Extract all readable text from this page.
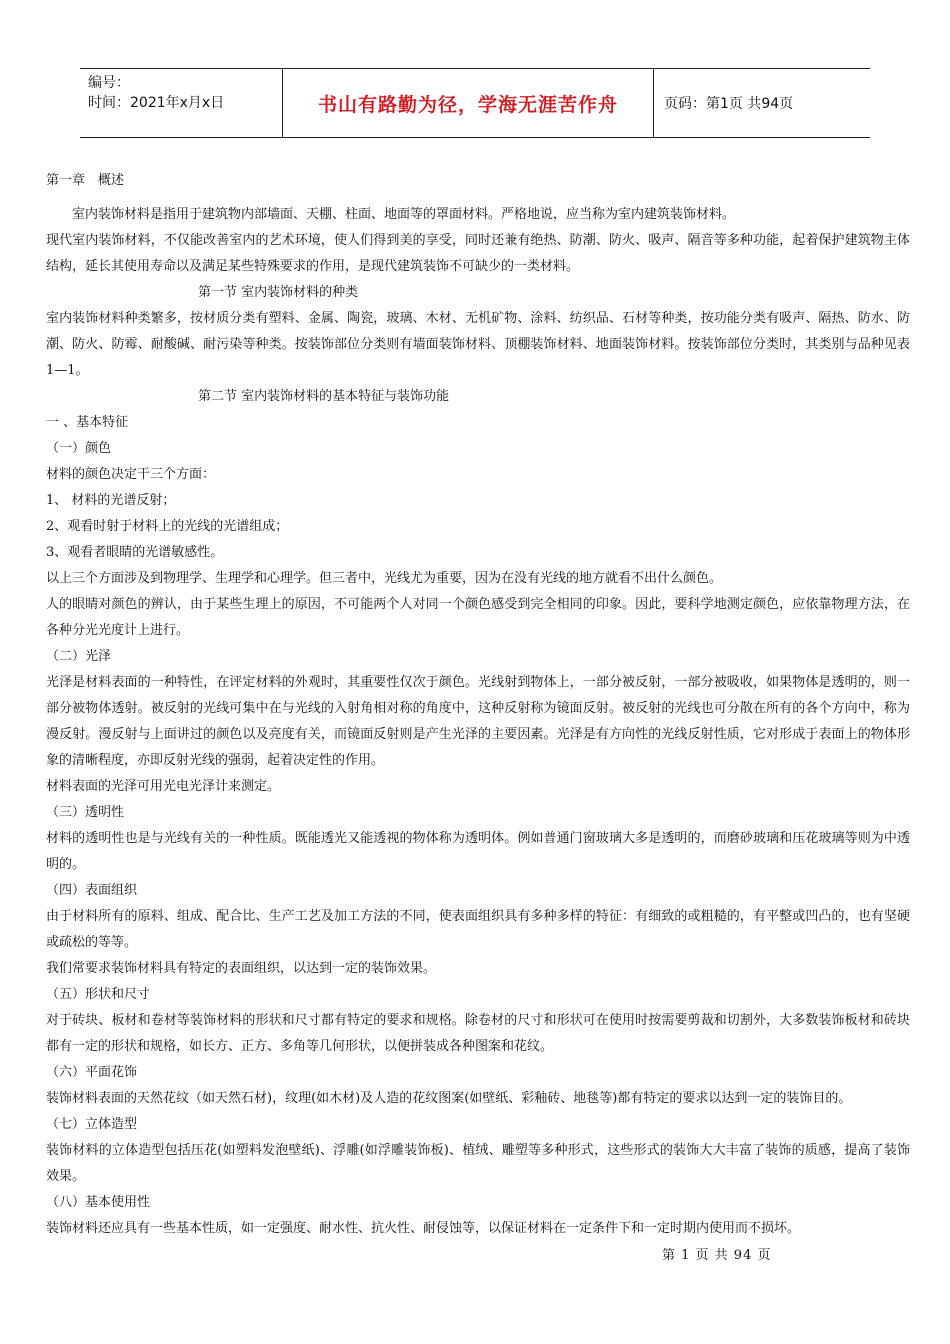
编号：
时间：2021年x月x日	书山有路勤为径，学海无涯苦作舟	页码：第1页 共94页

第一章　概述

室内装饰材料是指用于建筑物内部墙面、天棚、柱面、地面等的罩面材料。严格地说，应当称为室内建筑装饰材料。

现代室内装饰材料，不仅能改善室内的艺术环境，使人们得到美的享受，同时还兼有绝热、防潮、防火、吸声、隔音等多种功能，起着保护建筑物主体结构，延长其使用寿命以及满足某些特殊要求的作用，是现代建筑装饰不可缺少的一类材料。

第一节 室内装饰材料的种类

室内装饰材料种类繁多，按材质分类有塑料、金属、陶瓷，玻璃、木材、无机矿物、涂料、纺织品、石材等种类，按功能分类有吸声、隔热、防水、防潮、防火、防霉、耐酸碱、耐污染等种类。按装饰部位分类则有墙面装饰材料、顶棚装饰材料、地面装饰材料。按装饰部位分类时，其类别与品种见表1—1。

第二节 室内装饰材料的基本特征与装饰功能

一 、基本特征

（一）颜色

材料的颜色决定干三个方面：

1、 材料的光谱反射；

2、观看时射于材料上的光线的光谱组成；

3、观看者眼睛的光谱敏感性。

以上三个方面涉及到物理学、生理学和心理学。但三者中，光线尤为重要，因为在没有光线的地方就看不出什么颜色。

人的眼睛对颜色的辨认，由于某些生理上的原因，不可能两个人对同一个颜色感受到完全相同的印象。因此，要科学地测定颜色，应依靠物理方法，在各种分光光度计上进行。

（二）光泽

光泽是材料表面的一种特性，在评定材料的外观时，其重要性仅次于颜色。光线射到物体上，一部分被反射，一部分被吸收，如果物体是透明的，则一部分被物体透射。被反射的光线可集中在与光线的入射角相对称的角度中，这种反射称为镜面反射。被反射的光线也可分散在所有的各个方向中，称为漫反射。漫反射与上面讲过的颜色以及亮度有关，而镜面反射则是产生光泽的主要因素。光泽是有方向性的光线反射性质，它对形成于表面上的物体形象的清晰程度，亦即反射光线的强弱，起着决定性的作用。

材料表面的光泽可用光电光泽计来测定。

（三）透明性

材料的透明性也是与光线有关的一种性质。既能透光又能透视的物体称为透明体。例如普通门窗玻璃大多是透明的，而磨砂玻璃和压花玻璃等则为中透明的。

（四）表面组织

由于材料所有的原料、组成、配合比、生产工艺及加工方法的不同，使表面组织具有多种多样的特征：有细致的或粗糙的，有平整或凹凸的，也有坚硬或疏松的等等。

我们常要求装饰材料具有特定的表面组织，以达到一定的装饰效果。

（五）形状和尺寸

对于砖块、板材和卷材等装饰材料的形状和尺寸都有特定的要求和规格。除卷材的尺寸和形状可在使用时按需要剪裁和切割外，大多数装饰板材和砖块都有一定的形状和规格，如长方、正方、多角等几何形状，以便拼装成各种图案和花纹。

（六）平面花饰

装饰材料表面的天然花纹（如天然石材)，纹理(如木材)及人造的花纹图案(如壁纸、彩釉砖、地毯等)都有特定的要求以达到一定的装饰目的。

（七）立体造型

装饰材料的立体造型包括压花(如塑料发泡壁纸)、浮雕(如浮雕装饰板)、植绒、雕塑等多种形式，这些形式的装饰大大丰富了装饰的质感，提高了装饰效果。

（八）基本使用性

装饰材料还应具有一些基本性质，如一定强度、耐水性、抗火性、耐侵蚀等，以保证材料在一定条件下和一定时期内使用而不损坏。

第 1 页 共 94 页
